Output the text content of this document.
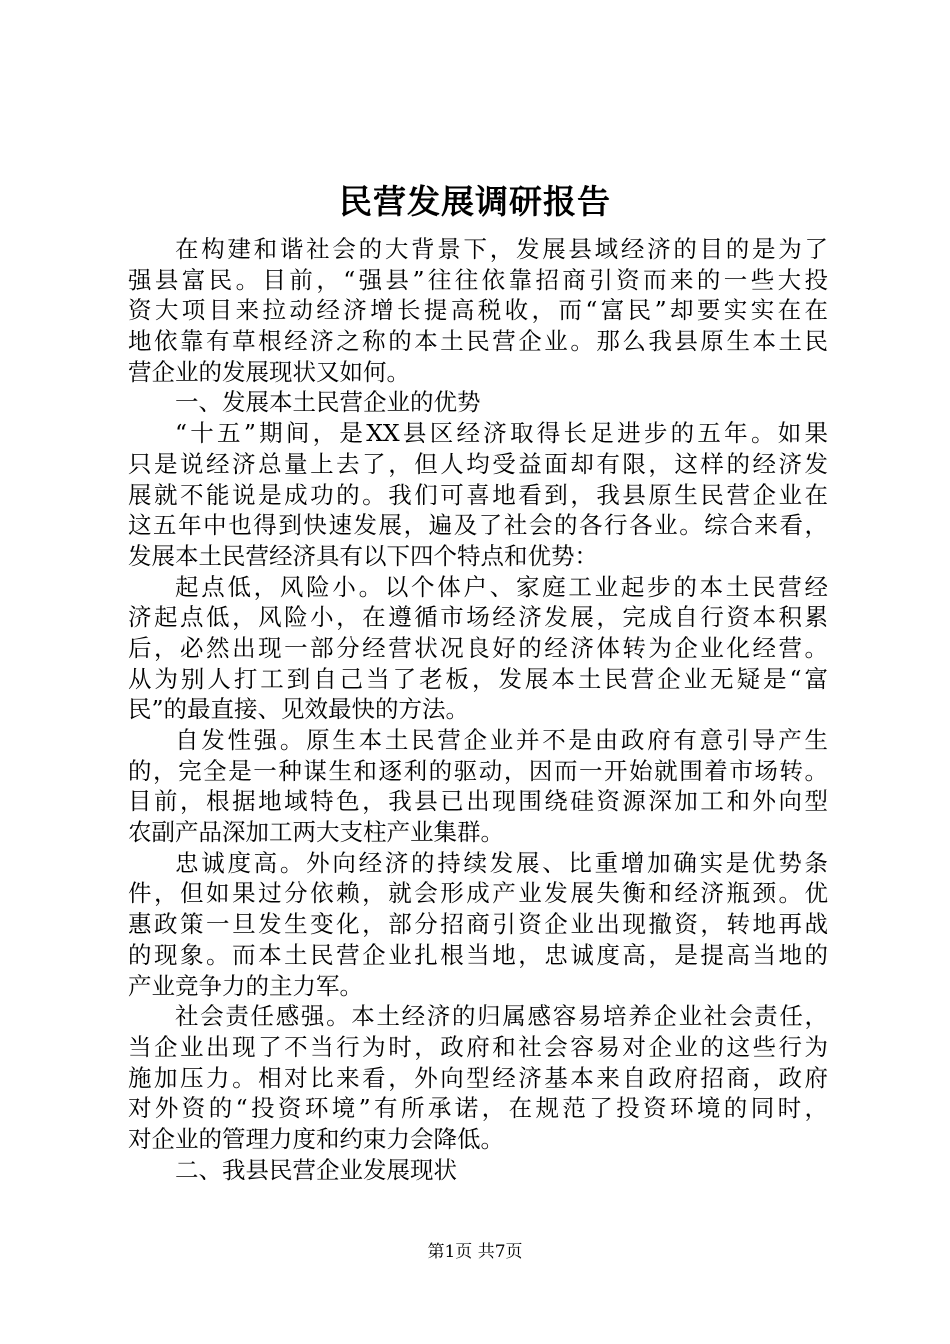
民营发展调研报告
在构建和谐社会的大背景下，发展县域经济的目的是为了
强县富民。目前，“强县”往往依靠招商引资而来的一些大投
资大项目来拉动经济增长提高税收，而“富民”却要实实在在
地依靠有草根经济之称的本土民营企业。那么我县原生本土民
营企业的发展现状又如何。
一、发展本土民营企业的优势
“十五”期间，是XX县区经济取得长足进步的五年。如果
只是说经济总量上去了，但人均受益面却有限，这样的经济发
展就不能说是成功的。我们可喜地看到，我县原生民营企业在
这五年中也得到快速发展，遍及了社会的各行各业。综合来看，
发展本土民营经济具有以下四个特点和优势：
起点低，风险小。以个体户、家庭工业起步的本土民营经
济起点低，风险小，在遵循市场经济发展，完成自行资本积累
后，必然出现一部分经营状况良好的经济体转为企业化经营。
从为别人打工到自己当了老板，发展本土民营企业无疑是“富
民”的最直接、见效最快的方法。
自发性强。原生本土民营企业并不是由政府有意引导产生
的，完全是一种谋生和逐利的驱动，因而一开始就围着市场转。
目前，根据地域特色，我县已出现围绕硅资源深加工和外向型
农副产品深加工两大支柱产业集群。
忠诚度高。外向经济的持续发展、比重增加确实是优势条
件，但如果过分依赖，就会形成产业发展失衡和经济瓶颈。优
惠政策一旦发生变化，部分招商引资企业出现撤资，转地再战
的现象。而本土民营企业扎根当地，忠诚度高，是提高当地的
产业竞争力的主力军。
社会责任感强。本土经济的归属感容易培养企业社会责任，
当企业出现了不当行为时，政府和社会容易对企业的这些行为
施加压力。相对比来看，外向型经济基本来自政府招商，政府
对外资的“投资环境”有所承诺，在规范了投资环境的同时，
对企业的管理力度和约束力会降低。
二、我县民营企业发展现状
第1页 共7页
